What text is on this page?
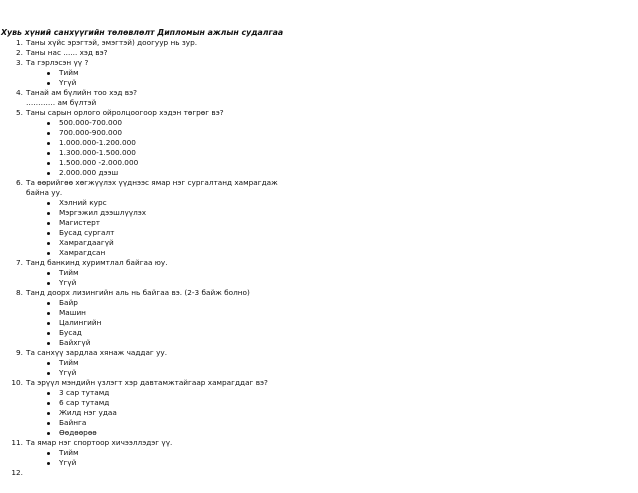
Хувь хүний санхүүгийн төлөвлөлт Дипломын ажлын судалгаа
1. Таны хүйс эрэгтэй, эмэгтэй) доогуур нь зур.
2. Таны нас ...... хэд вэ?
3. Та гэрлэсэн үү ?
Тийм
Үгүй
4. Танай ам бүлийн тоо хэд вэ?
………… ам бүлтэй
5. Таны сарын орлого ойролцоогоор хэдэн төгрөг вэ?
500.000-700.000
700.000-900.000
1.000.000-1.200.000
1.300.000-1.500.000
1.500.000 -2.000.000
2.000.000 дээш
6. Та өөрийгөө хөгжүүлэх үүднээс ямар нэг сургалтанд хамрагдаж байна уу.
Хэлний курс
Мэргэжил дээшлүүлэх
Магистерт
Бусад сургалт
Хамрагдаагүй
Хамрагдсан
7. Танд банкинд хуримтлал байгаа юу.
Тийм
Үгүй
8. Танд доорх лизингийн аль нь байгаа вэ. (2-3 байж болно)
Байр
Машин
Цалингийн
Бусад
Байхгүй
9. Та санхүү зардлаа хянаж чаддаг уу.
Тийм
Үгүй
10. Та эрүүл мэндийн үзлэгт хэр давтамжтайгаар хамрагддаг вэ?
3 сар тутамд
6 сар тутамд
Жилд нэг удаа
Байнга
Өөдөөрөө
11. Та ямар нэг спортоор хичээллэдэг үү.
Тийм
Үгүй
12.
